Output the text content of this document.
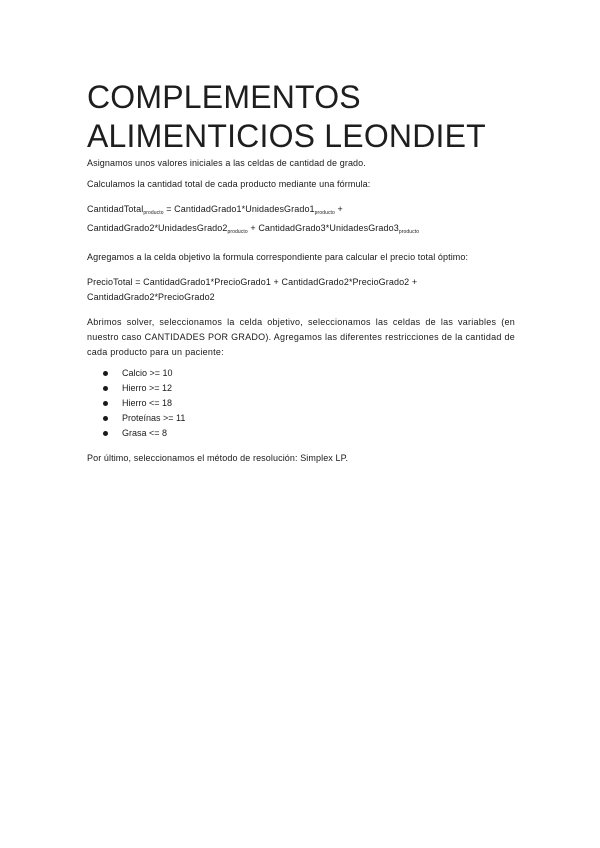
COMPLEMENTOS
ALIMENTICIOS LEONDIET

Asignamos unos valores iniciales a las celdas de cantidad de grado.

Calculamos la cantidad total de cada producto mediante una fórmula:

CantidadTotal$_{producto}$ = $CantidadGrado1*UnidadesGrado1_{producto}$ +
$CantidadGrado2*UnidadesGrado2_{producto}$ + $CantidadGrado3*UnidadesGrado3_{producto}$

Agregamos a la celda objetivo la formula correspondiente para calcular el precio total óptimo:

PrecioTotal = CantidadGrado1*PrecioGrado1 + CantidadGrado2*PrecioGrado2 +
CantidadGrado2*PrecioGrado2

Abrimos solver, seleccionamos la celda objetivo, seleccionamos las celdas de las variables (en nuestro caso CANTIDADES POR GRADO). Agregamos las diferentes restricciones de la cantidad de cada producto para un paciente:

Calcio >= 10
Hierro >= 12
Hierro <= 18
Proteínas >= 11
Grasa <= 8

Por último, seleccionamos el método de resolución: Simplex LP.
